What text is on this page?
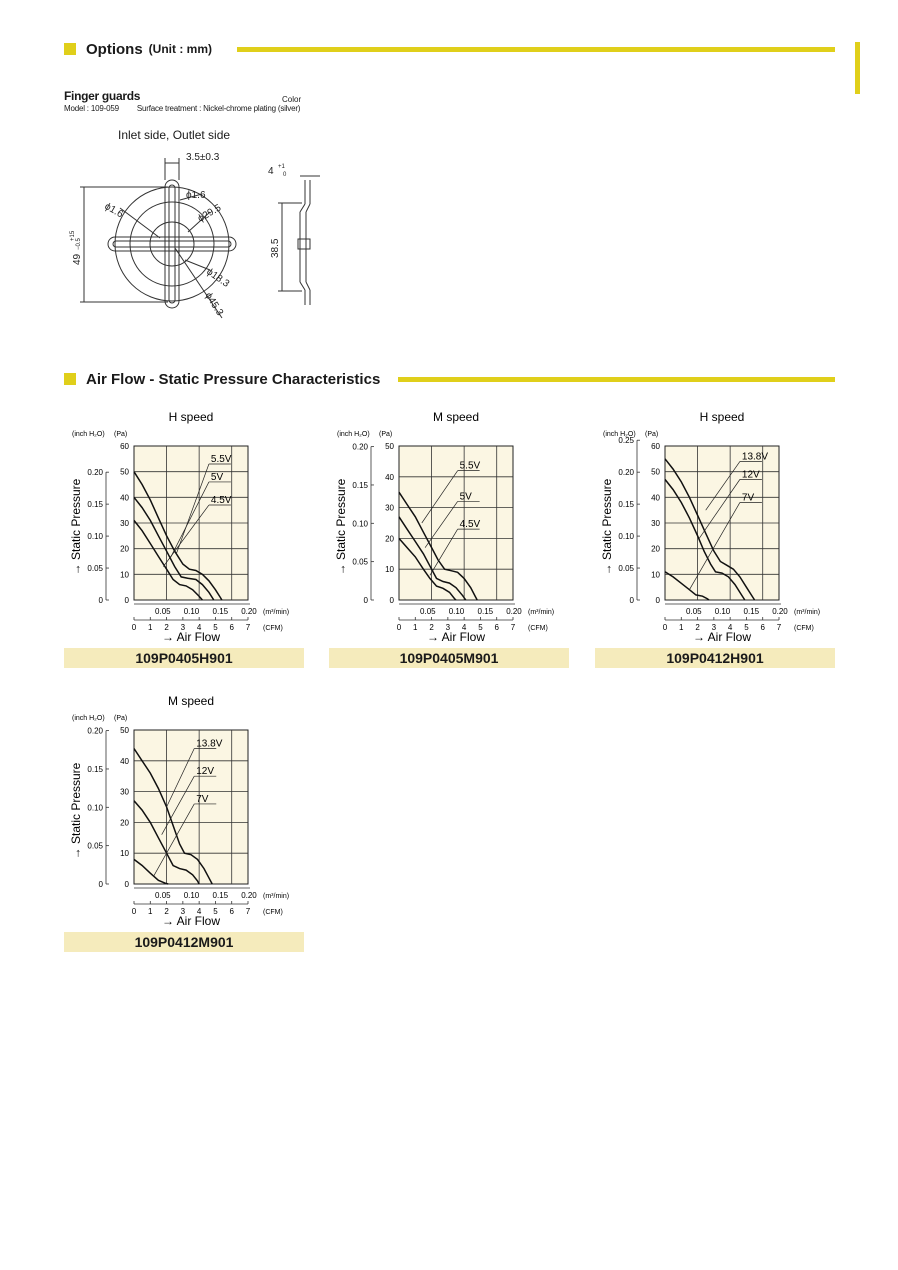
Options (Unit : mm)
Finger guards	Color
Model : 109-059 Surface treatment : Nickel-chrome plating (silver)
Inlet side, Outlet side
3.5±0.3
ϕ1.6
ϕ1.6	ϕ29.5
ϕ18.3
ϕ45.3
49
+15
−0.5
4 +1
0
38.5
Air Flow - Static Pressure Characteristics
H speed
(inch H₂O) (Pa)
0
10
20
30
40
50
60
0
0.05
0.10
0.15
0.20
0.05 0.10 0.15 0.20 (m³/min)
0 1 2 3 4 5 6 7 (CFM)
→ Air Flow
→ Static Pressure
5.5V
5V
4.5V
109P0405H901
M speed
(inch H₂O) (Pa)
0
10
20
30
40
50
0
0.05
0.10
0.15
0.20
0.05 0.10 0.15 0.20 (m³/min)
0 1 2 3 4 5 6 7 (CFM)
→ Air Flow
→ Static Pressure
5.5V
5V
4.5V
109P0405M901
H speed
(inch H₂O) (Pa)
0
10
20
30
40
50
60
0
0.05
0.10
0.15
0.20
0.25
0.05 0.10 0.15 0.20 (m³/min)
0 1 2 3 4 5 6 7 (CFM)
→ Air Flow
→ Static Pressure
13.8V
12V
7V
109P0412H901
M speed
(inch H₂O) (Pa)
0
10
20
30
40
50
0
0.05
0.10
0.15
0.20
0.05 0.10 0.15 0.20 (m³/min)
0 1 2 3 4 5 6 7 (CFM)
→ Air Flow
→ Static Pressure
13.8V
12V
7V
109P0412M901
